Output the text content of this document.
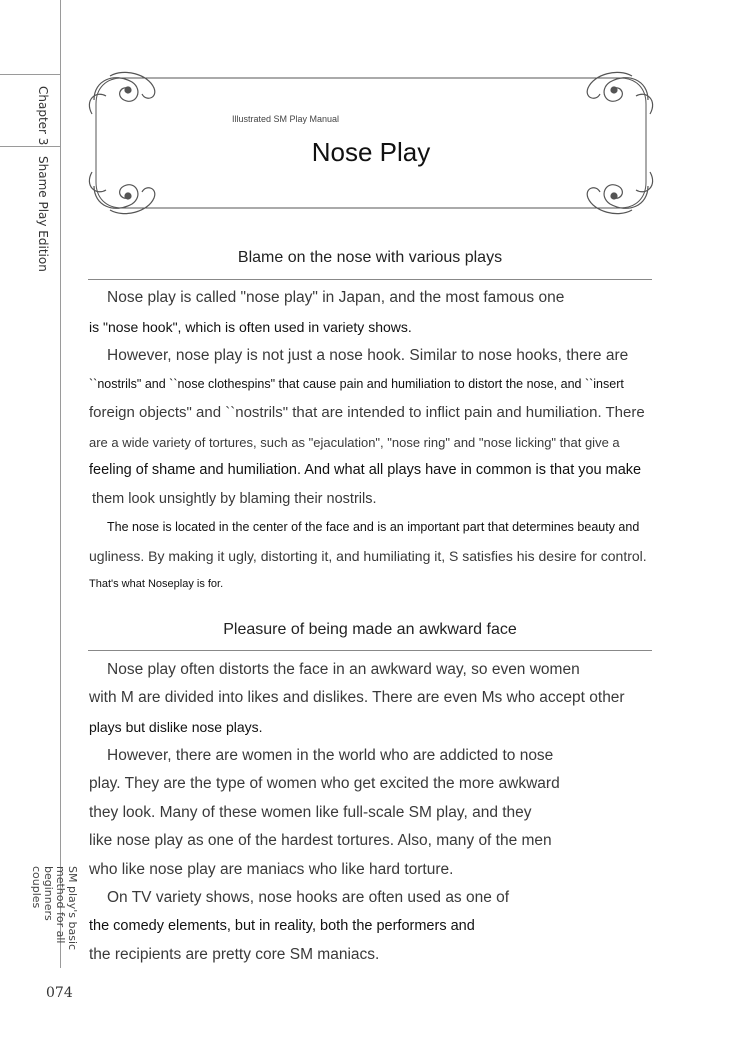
Chapter 3
Shame Play Edition
SM play's basic method for all beginners couples
074
Illustrated SM Play Manual
Nose Play
Blame on the nose with various plays
Nose play is called "nose play" in Japan, and the most famous one
is "nose hook", which is often used in variety shows.
However, nose play is not just a nose hook. Similar to nose hooks, there are
``nostrils" and ``nose clothespins" that cause pain and humiliation to distort the nose, and ``insert
foreign objects" and ``nostrils" that are intended to inflict pain and humiliation. There
are a wide variety of tortures, such as "ejaculation", "nose ring" and "nose licking" that give a
feeling of shame and humiliation. And what all plays have in common is that you make
them look unsightly by blaming their nostrils.
The nose is located in the center of the face and is an important part that determines beauty and
ugliness. By making it ugly, distorting it, and humiliating it, S satisfies his desire for control.
That's what Noseplay is for.
Pleasure of being made an awkward face
Nose play often distorts the face in an awkward way, so even women
with M are divided into likes and dislikes. There are even Ms who accept other
plays but dislike nose plays.
However, there are women in the world who are addicted to nose
play. They are the type of women who get excited the more awkward
they look. Many of these women like full-scale SM play, and they
like nose play as one of the hardest tortures. Also, many of the men
who like nose play are maniacs who like hard torture.
On TV variety shows, nose hooks are often used as one of
the comedy elements, but in reality, both the performers and
the recipients are pretty core SM maniacs.
